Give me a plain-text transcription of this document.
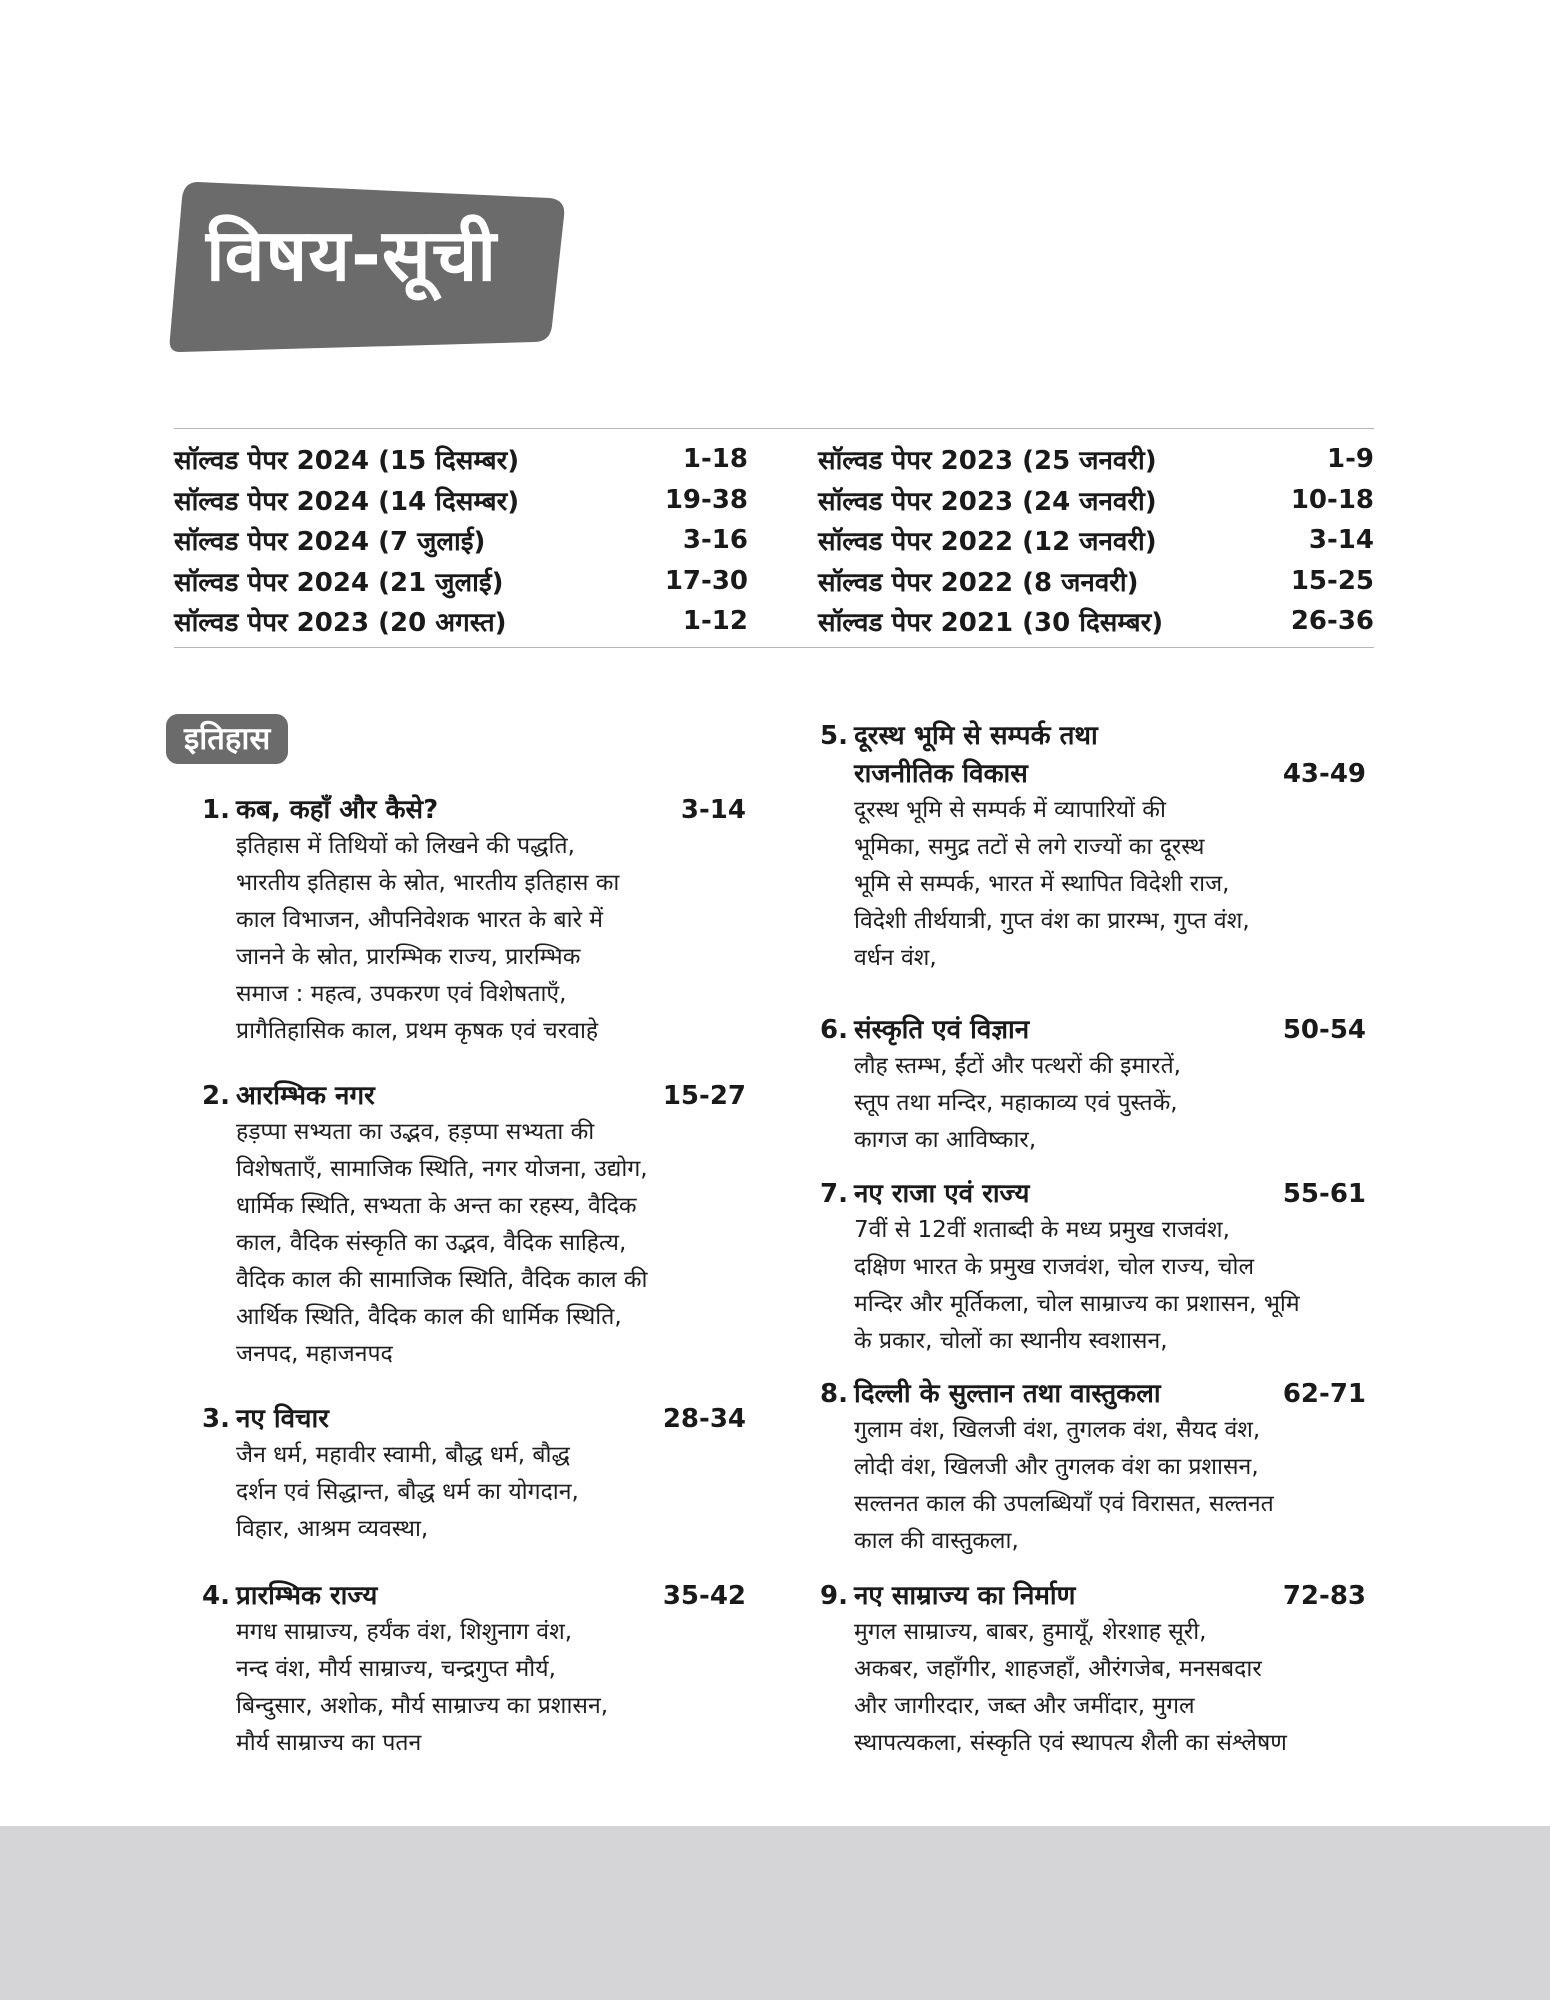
विषय-सूची
सॉल्वड पेपर 2024 (15 दिसम्बर)	1-18
सॉल्वड पेपर 2024 (14 दिसम्बर)	19-38
सॉल्वड पेपर 2024 (7 जुलाई)	3-16
सॉल्वड पेपर 2024 (21 जुलाई)	17-30
सॉल्वड पेपर 2023 (20 अगस्त)	1-12
सॉल्वड पेपर 2023 (25 जनवरी)	1-9
सॉल्वड पेपर 2023 (24 जनवरी)	10-18
सॉल्वड पेपर 2022 (12 जनवरी)	3-14
सॉल्वड पेपर 2022 (8 जनवरी)	15-25
सॉल्वड पेपर 2021 (30 दिसम्बर)	26-36
इतिहास
1. कब, कहाँ और कैसे?	3-14
इतिहास में तिथियों को लिखने की पद्धति,
भारतीय इतिहास के स्रोत, भारतीय इतिहास का
काल विभाजन, औपनिवेशक भारत के बारे में
जानने के स्रोत, प्रारम्भिक राज्य, प्रारम्भिक
समाज : महत्व, उपकरण एवं विशेषताएँ,
प्रागैतिहासिक काल, प्रथम कृषक एवं चरवाहे
2. आरम्भिक नगर	15-27
हड़प्पा सभ्यता का उद्भव, हड़प्पा सभ्यता की
विशेषताएँ, सामाजिक स्थिति, नगर योजना, उद्योग,
धार्मिक स्थिति, सभ्यता के अन्त का रहस्य, वैदिक
काल, वैदिक संस्कृति का उद्भव, वैदिक साहित्य,
वैदिक काल की सामाजिक स्थिति, वैदिक काल की
आर्थिक स्थिति, वैदिक काल की धार्मिक स्थिति,
जनपद, महाजनपद
3. नए विचार	28-34
जैन धर्म, महावीर स्वामी, बौद्ध धर्म, बौद्ध
दर्शन एवं सिद्धान्त, बौद्ध धर्म का योगदान,
विहार, आश्रम व्यवस्था,
4. प्रारम्भिक राज्य	35-42
मगध साम्राज्य, हर्यंक वंश, शिशुनाग वंश,
नन्द वंश, मौर्य साम्राज्य, चन्द्रगुप्त मौर्य,
बिन्दुसार, अशोक, मौर्य साम्राज्य का प्रशासन,
मौर्य साम्राज्य का पतन
5. दूरस्थ भूमि से सम्पर्क तथा
राजनीतिक विकास	43-49
दूरस्थ भूमि से सम्पर्क में व्यापारियों की
भूमिका, समुद्र तटों से लगे राज्यों का दूरस्थ
भूमि से सम्पर्क, भारत में स्थापित विदेशी राज,
विदेशी तीर्थयात्री, गुप्त वंश का प्रारम्भ, गुप्त वंश,
वर्धन वंश,
6. संस्कृति एवं विज्ञान	50-54
लौह स्तम्भ, ईंटों और पत्थरों की इमारतें,
स्तूप तथा मन्दिर, महाकाव्य एवं पुस्तकें,
कागज का आविष्कार,
7. नए राजा एवं राज्य	55-61
7वीं से 12वीं शताब्दी के मध्य प्रमुख राजवंश,
दक्षिण भारत के प्रमुख राजवंश, चोल राज्य, चोल
मन्दिर और मूर्तिकला, चोल साम्राज्य का प्रशासन, भूमि
के प्रकार, चोलों का स्थानीय स्वशासन,
8. दिल्ली के सुल्तान तथा वास्तुकला	62-71
गुलाम वंश, खिलजी वंश, तुगलक वंश, सैयद वंश,
लोदी वंश, खिलजी और तुगलक वंश का प्रशासन,
सल्तनत काल की उपलब्धियाँ एवं विरासत, सल्तनत
काल की वास्तुकला,
9. नए साम्राज्य का निर्माण	72-83
मुगल साम्राज्य, बाबर, हुमायूँ, शेरशाह सूरी,
अकबर, जहाँगीर, शाहजहाँ, औरंगजेब, मनसबदार
और जागीरदार, जब्त और जमींदार, मुगल
स्थापत्यकला, संस्कृति एवं स्थापत्य शैली का संश्लेषण
